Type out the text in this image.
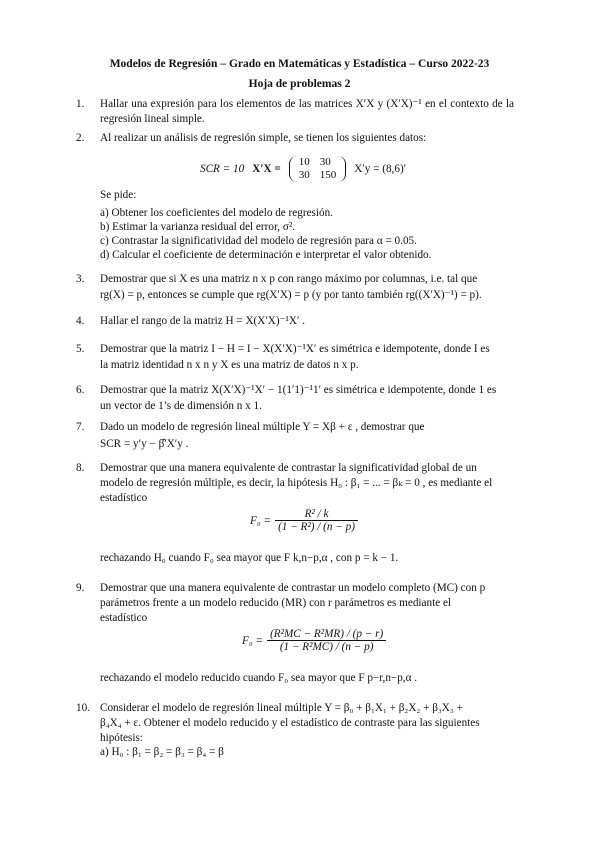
Modelos de Regresión – Grado en Matemáticas y Estadística – Curso 2022-23
Hoja de problemas 2
1. Hallar una expresión para los elementos de las matrices X′X y (X′X)⁻¹ en el contexto de la regresión lineal simple.
2. Al realizar un análisis de regresión simple, se tienen los siguientes datos:
SCR = 10 X′X =
10	30
30	150 X′y = (8,6)′
Se pide:
a) Obtener los coeficientes del modelo de regresión.
b) Estimar la varianza residual del error, σ².
c) Contrastar la significatividad del modelo de regresión para α = 0.05.
d) Calcular el coeficiente de determinación e interpretar el valor obtenido.
3. Demostrar que si X es una matriz n x p con rango máximo por columnas, i.e. tal que
rg(X) = p, entonces se cumple que rg(X′X) = p (y por tanto también rg((X′X)⁻¹) = p).
4. Hallar el rango de la matriz H = X(X′X)⁻¹X′ .
5. Demostrar que la matriz I − H = I − X(X′X)⁻¹X′ es simétrica e idempotente, donde I es
la matriz identidad n x n y X es una matriz de datos n x p.
6. Demostrar que la matriz X(X′X)⁻¹X′ − 1(1′1)⁻¹1′ es simétrica e idempotente, donde 1 es
un vector de 1’s de dimensión n x 1.
7. Dado un modelo de regresión lineal múltiple Y = Xβ + ε , demostrar que
SCR = y′y − β̂′X′y .
8. Demostrar que una manera equivalente de contrastar la significatividad global de un
modelo de regresión múltiple, es decir, la hipótesis H₀ : β₁ = ... = βₖ = 0 , es mediante el
estadístico
$F_0 = \frac{\text{R² / k}}{\text{(1 − R²) / (n − p)}}$
rechazando H₀ cuando F₀ sea mayor que F k,n−p,α , con p = k − 1.
9. Demostrar que una manera equivalente de contrastar un modelo completo (MC) con p
parámetros frente a un modelo reducido (MR) con r parámetros es mediante el
estadístico
$F_0 = \frac{\text{(R²MC − R²MR) / (p − r)}}{\text{(1 − R²MC) / (n − p)}}$
rechazando el modelo reducido cuando F₀ sea mayor que F p−r,n−p,α .
10. Considerar el modelo de regresión lineal múltiple Y = β₀ + β₁X₁ + β₂X₂ + β₃X₃ +
β₄X₄ + ε. Obtener el modelo reducido y el estadístico de contraste para las siguientes
hipótesis:
a) H₀ : β₁ = β₂ = β₃ = β₄ = β
